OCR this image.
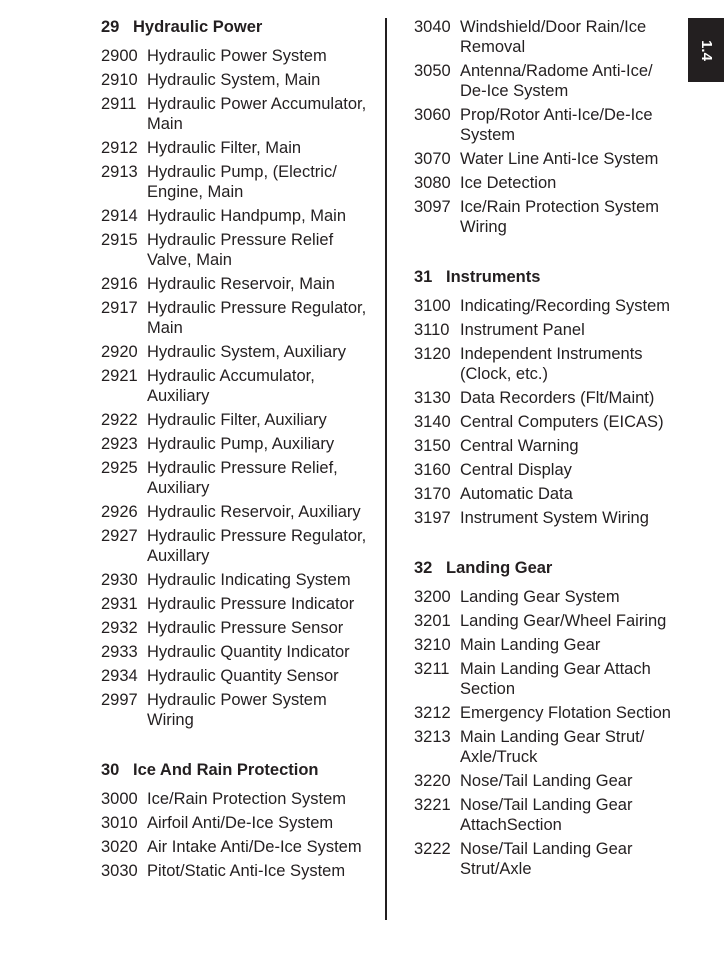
29 Hydraulic Power
2900 Hydraulic Power System
2910 Hydraulic System, Main
2911 Hydraulic Power Accumulator, Main
2912 Hydraulic Filter, Main
2913 Hydraulic Pump, (Electric/ Engine, Main
2914 Hydraulic Handpump, Main
2915 Hydraulic Pressure Relief Valve, Main
2916 Hydraulic Reservoir, Main
2917 Hydraulic Pressure Regulator, Main
2920 Hydraulic System, Auxiliary
2921 Hydraulic Accumulator, Auxiliary
2922 Hydraulic Filter, Auxiliary
2923 Hydraulic Pump, Auxiliary
2925 Hydraulic Pressure Relief, Auxiliary
2926 Hydraulic Reservoir, Auxiliary
2927 Hydraulic Pressure Regulator, Auxillary
2930 Hydraulic Indicating System
2931 Hydraulic Pressure Indicator
2932 Hydraulic Pressure Sensor
2933 Hydraulic Quantity Indicator
2934 Hydraulic Quantity Sensor
2997 Hydraulic Power System Wiring
30 Ice And Rain Protection
3000 Ice/Rain Protection System
3010 Airfoil Anti/De-Ice System
3020 Air Intake Anti/De-Ice System
3030 Pitot/Static Anti-Ice System
3040 Windshield/Door Rain/Ice Removal
3050 Antenna/Radome Anti-Ice/ De-Ice System
3060 Prop/Rotor Anti-Ice/De-Ice System
3070 Water Line Anti-Ice System
3080 Ice Detection
3097 Ice/Rain Protection System Wiring
31 Instruments
3100 Indicating/Recording System
3110 Instrument Panel
3120 Independent Instruments (Clock, etc.)
3130 Data Recorders (Flt/Maint)
3140 Central Computers (EICAS)
3150 Central Warning
3160 Central Display
3170 Automatic Data
3197 Instrument System Wiring
32 Landing Gear
3200 Landing Gear System
3201 Landing Gear/Wheel Fairing
3210 Main Landing Gear
3211 Main Landing Gear Attach Section
3212 Emergency Flotation Section
3213 Main Landing Gear Strut/ Axle/Truck
3220 Nose/Tail Landing Gear
3221 Nose/Tail Landing Gear AttachSection
3222 Nose/Tail Landing Gear Strut/Axle
1.4
